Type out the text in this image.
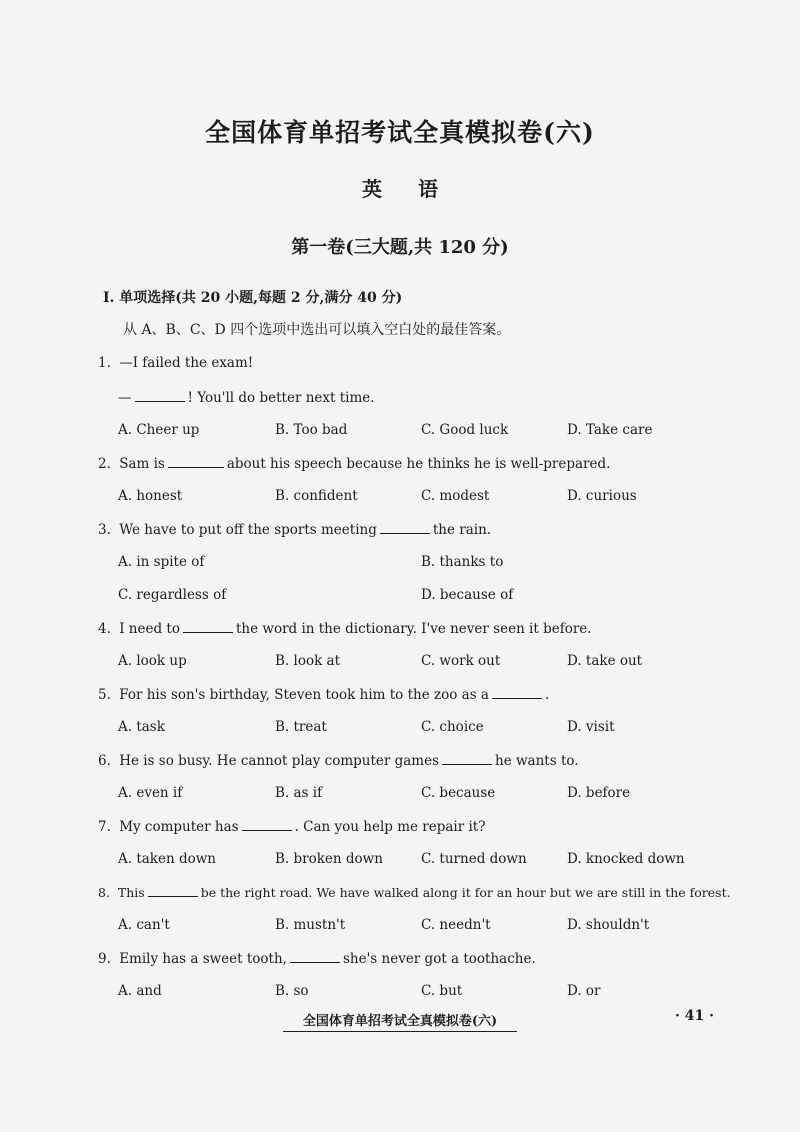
全国体育单招考试全真模拟卷(六)
英语
第一卷(三大题,共 120 分)
Ⅰ. 单项选择(共 20 小题,每题 2 分,满分 40 分)
从 A、B、C、D 四个选项中选出可以填入空白处的最佳答案。
1. —I failed the exam!
—	! You'll do better next time.
A. Cheer up	B. Too bad	C. Good luck	D. Take care
2. Sam is	about his speech because he thinks he is well-prepared.
A. honest	B. confident	C. modest	D. curious
3. We have to put off the sports meeting	the rain.
A. in spite of	B. thanks to
C. regardless of	D. because of
4. I need to	the word in the dictionary. I've never seen it before.
A. look up	B. look at	C. work out	D. take out
5. For his son's birthday, Steven took him to the zoo as a	.
A. task	B. treat	C. choice	D. visit
6. He is so busy. He cannot play computer games	he wants to.
A. even if	B. as if	C. because	D. before
7. My computer has	. Can you help me repair it?
A. taken down	B. broken down	C. turned down	D. knocked down
8. This	be the right road. We have walked along it for an hour but we are still in the forest.
A. can't	B. mustn't	C. needn't	D. shouldn't
9. Emily has a sweet tooth,	she's never got a toothache.
A. and	B. so	C. but	D. or
全国体育单招考试全真模拟卷(六)	· 41 ·
